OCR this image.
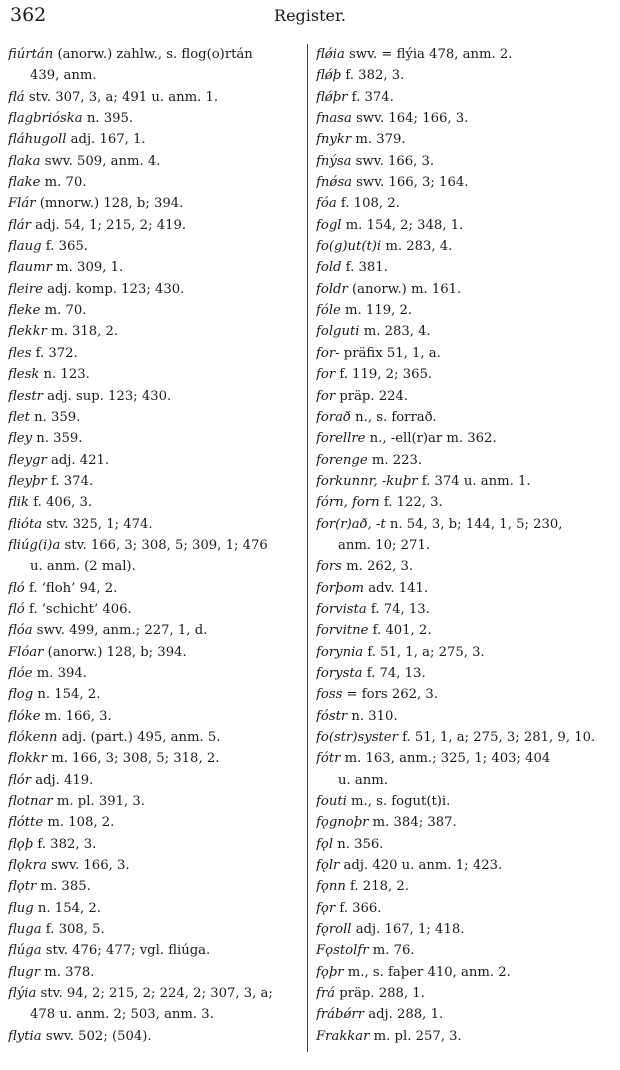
362	Register.
fiúrtán (anorw.) zahlw., s. flog(o)rtán
439, anm.
flá stv. 307, 3, a; 491 u. anm. 1.
flagbrióska n. 395.
fláhugoll adj. 167, 1.
flaka swv. 509, anm. 4.
flake m. 70.
Flár (mnorw.) 128, b; 394.
flár adj. 54, 1; 215, 2; 419.
flaug f. 365.
flaumr m. 309, 1.
fleire adj. komp. 123; 430.
fleke m. 70.
flekkr m. 318, 2.
fles f. 372.
flesk n. 123.
flestr adj. sup. 123; 430.
flet n. 359.
fley n. 359.
fleygr adj. 421.
fleyþr f. 374.
flik f. 406, 3.
flióta stv. 325, 1; 474.
fliúg(i)a stv. 166, 3; 308, 5; 309, 1; 476
u. anm. (2 mal).
fló f. ‘floh’ 94, 2.
fló f. ‘schicht’ 406.
flóa swv. 499, anm.; 227, 1, d.
Flóar (anorw.) 128, b; 394.
flóe m. 394.
flog n. 154, 2.
flóke m. 166, 3.
flókenn adj. (part.) 495, anm. 5.
flokkr m. 166, 3; 308, 5; 318, 2.
flór adj. 419.
flotnar m. pl. 391, 3.
flótte m. 108, 2.
flǫþ f. 382, 3.
flǫkra swv. 166, 3.
flǫtr m. 385.
flug n. 154, 2.
fluga f. 308, 5.
flúga stv. 476; 477; vgl. fliúga.
flugr m. 378.
flýia stv. 94, 2; 215, 2; 224, 2; 307, 3, a;
478 u. anm. 2; 503, anm. 3.
flytia swv. 502; (504).
flǿia swv. = flýia 478, anm. 2.
flǿþ f. 382, 3.
flǿþr f. 374.
fnasa swv. 164; 166, 3.
fnykr m. 379.
fnýsa swv. 166, 3.
fnǿsa swv. 166, 3; 164.
fóa f. 108, 2.
fogl m. 154, 2; 348, 1.
fo(g)ut(t)i m. 283, 4.
fold f. 381.
foldr (anorw.) m. 161.
fóle m. 119, 2.
folguti m. 283, 4.
for- präfix 51, 1, a.
for f. 119, 2; 365.
for präp. 224.
forað n., s. forrað.
forellre n., -ell(r)ar m. 362.
forenge m. 223.
forkunnr, -kuþr f. 374 u. anm. 1.
fórn, forn f. 122, 3.
for(r)að, -t n. 54, 3, b; 144, 1, 5; 230,
anm. 10; 271.
fors m. 262, 3.
forþom adv. 141.
forvista f. 74, 13.
forvitne f. 401, 2.
forynia f. 51, 1, a; 275, 3.
forysta f. 74, 13.
foss = fors 262, 3.
fóstr n. 310.
fo(str)syster f. 51, 1, a; 275, 3; 281, 9, 10.
fótr m. 163, anm.; 325, 1; 403; 404
u. anm.
fouti m., s. fogut(t)i.
fǫgnoþr m. 384; 387.
fǫl n. 356.
fǫlr adj. 420 u. anm. 1; 423.
fǫnn f. 218, 2.
fǫr f. 366.
fǫroll adj. 167, 1; 418.
Fǫstolfr m. 76.
fǫþr m., s. faþer 410, anm. 2.
frá präp. 288, 1.
frábǿrr adj. 288, 1.
Frakkar m. pl. 257, 3.
